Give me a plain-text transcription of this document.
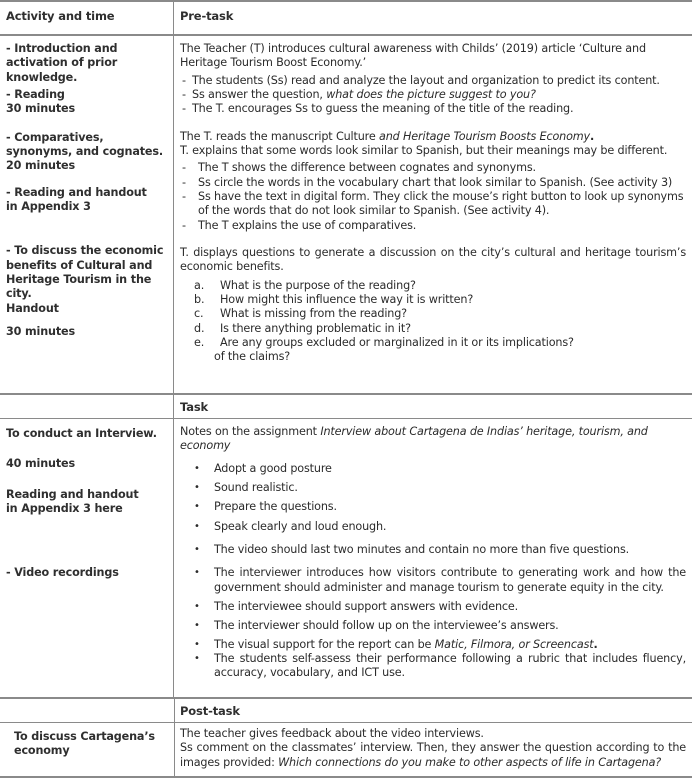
Activity and time	Pre-task
- Introduction and
activation of prior
knowledge.
- Reading
30 minutes
- Comparatives,
synonyms, and cognates.
20 minutes
- Reading and handout
in Appendix 3
- To discuss the economic
benefits of Cultural and
Heritage Tourism in the city.
Handout
30 minutes

The Teacher (T) introduces cultural awareness with Childs’ (2019) article ‘Culture and Heritage Tourism Boost Economy.’

- The students (Ss) read and analyze the layout and organization to predict its content.
- Ss answer the question, what does the picture suggest to you?
- The T. encourages Ss to guess the meaning of the title of the reading.

The T. reads the manuscript Culture and Heritage Tourism Boosts Economy.

T. explains that some words look similar to Spanish, but their meanings may be different.

- The T shows the difference between cognates and synonyms.
- Ss circle the words in the vocabulary chart that look similar to Spanish. (See activity 3)
- Ss have the text in digital form. They click the mouse’s right button to look up synonyms of the words that do not look similar to Spanish. (See activity 4).
- The T explains the use of comparatives.

T. displays questions to generate a discussion on the city’s cultural and heritage tourism’s economic benefits.

a. What is the purpose of the reading?
b. How might this influence the way it is written?
c. What is missing from the reading?
d. Is there anything problematic in it?
e. Are any groups excluded or marginalized in it or its implications?
of the claims?
Task
To conduct an Interview.
40 minutes
Reading and handout
in Appendix 3 here
- Video recordings

Notes on the assignment Interview about Cartagena de Indias’ heritage, tourism, and economy

• Adopt a good posture
• Sound realistic.
• Prepare the questions.
• Speak clearly and loud enough.
• The video should last two minutes and contain no more than five questions.
• The interviewer introduces how visitors contribute to generating work and how the government should administer and manage tourism to generate equity in the city.
• The interviewee should support answers with evidence.
• The interviewer should follow up on the interviewee’s answers.
• The visual support for the report can be Matic, Filmora, or Screencast.
• The students self-assess their performance following a rubric that includes fluency, accuracy, vocabulary, and ICT use.
Post-task
To discuss Cartagena’s
economy

The teacher gives feedback about the video interviews.

Ss comment on the classmates’ interview. Then, they answer the question according to the images provided: Which connections do you make to other aspects of life in Cartagena?
